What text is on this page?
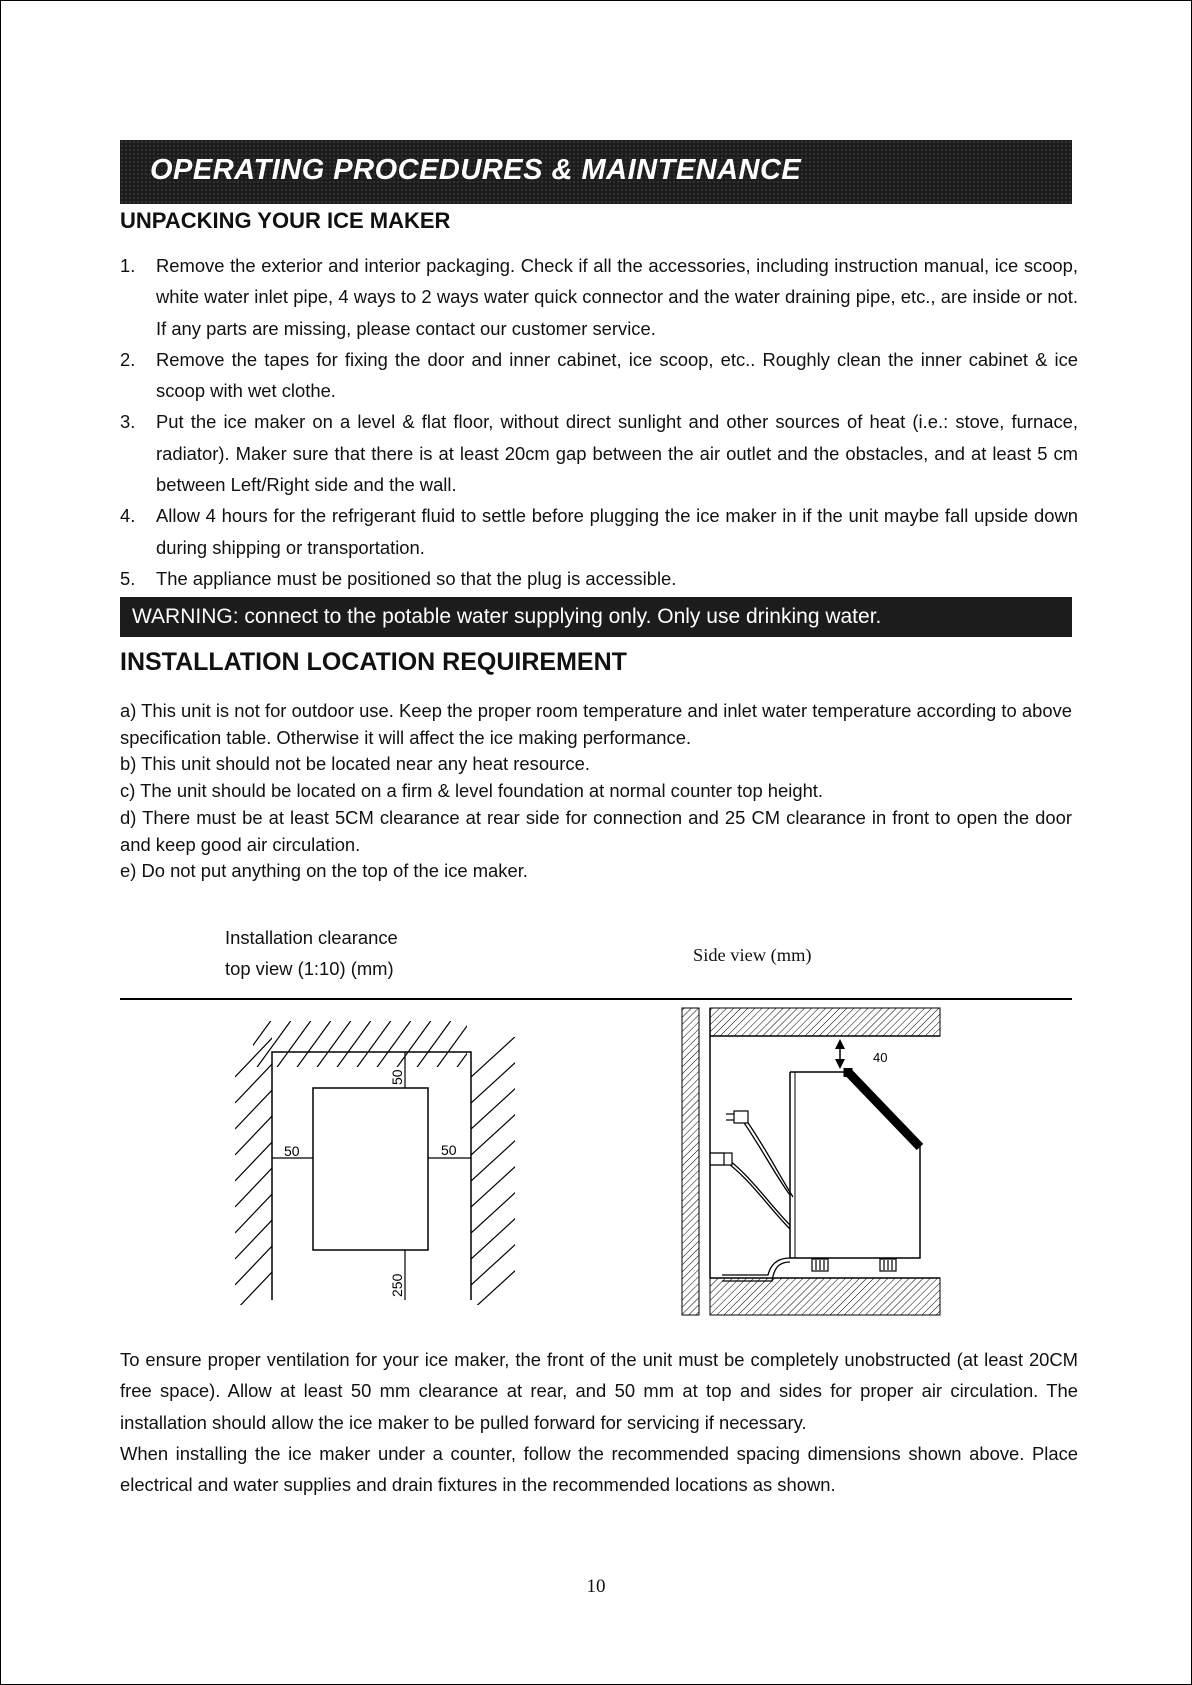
OPERATING PROCEDURES & MAINTENANCE
UNPACKING YOUR ICE MAKER
1. Remove the exterior and interior packaging. Check if all the accessories, including instruction manual, ice scoop, white water inlet pipe, 4 ways to 2 ways water quick connector and the water draining pipe, etc., are inside or not. If any parts are missing, please contact our customer service.
2. Remove the tapes for fixing the door and inner cabinet, ice scoop, etc.. Roughly clean the inner cabinet & ice scoop with wet clothe.
3. Put the ice maker on a level & flat floor, without direct sunlight and other sources of heat (i.e.: stove, furnace, radiator). Maker sure that there is at least 20cm gap between the air outlet and the obstacles, and at least 5 cm between Left/Right side and the wall.
4. Allow 4 hours for the refrigerant fluid to settle before plugging the ice maker in if the unit maybe fall upside down during shipping or transportation.
5. The appliance must be positioned so that the plug is accessible.
WARNING: connect to the potable water supplying only. Only use drinking water.
INSTALLATION LOCATION REQUIREMENT

a) This unit is not for outdoor use. Keep the proper room temperature and inlet water temperature according to above specification table. Otherwise it will affect the ice making performance.

b) This unit should not be located near any heat resource.

c) The unit should be located on a firm & level foundation at normal counter top height.

d) There must be at least 5CM clearance at rear side for connection and 25 CM clearance in front to open the door and keep good air circulation.

e) Do not put anything on the top of the ice maker.

Installation clearance
top view (1:10) (mm)
Side view (mm)
50	50
50
250
40

To ensure proper ventilation for your ice maker, the front of the unit must be completely unobstructed (at least 20CM free space). Allow at least 50 mm clearance at rear, and 50 mm at top and sides for proper air circulation. The installation should allow the ice maker to be pulled forward for servicing if necessary.

When installing the ice maker under a counter, follow the recommended spacing dimensions shown above. Place electrical and water supplies and drain fixtures in the recommended locations as shown.

10
